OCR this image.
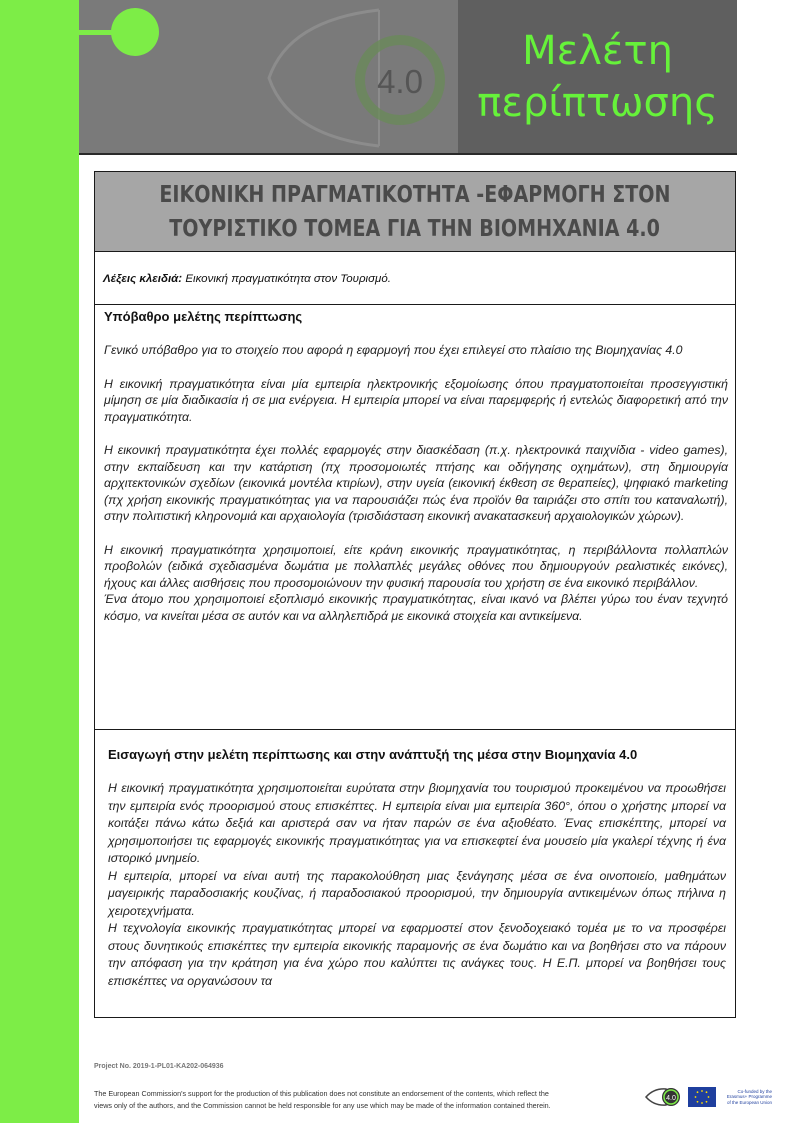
4.0
Μελέτη
περίπτωσης
ΕΙΚΟΝΙΚΗ ΠΡΑΓΜΑΤΙΚΟΤΗΤΑ -ΕΦΑΡΜΟΓΗ ΣΤΟΝ
ΤΟΥΡΙΣΤΙΚΟ ΤΟΜΕΑ ΓΙΑ ΤΗΝ ΒΙΟΜΗΧΑΝΙΑ 4.0

Λέξεις κλειδιά: Εικονική πραγματικότητα στον Τουρισμό.

Υπόβαθρο μελέτης περίπτωσης

Γενικό υπόβαθρο για το στοιχείο που αφορά η εφαρμογή που έχει επιλεγεί στο πλαίσιο της Βιομηχανίας 4.0

Η εικονική πραγματικότητα είναι μία εμπειρία ηλεκτρονικής εξομοίωσης όπου πραγματοποιείται προσεγγιστική μίμηση σε μία διαδικασία ή σε μια ενέργεια. Η εμπειρία μπορεί να είναι παρεμφερής ή εντελώς διαφορετική από την πραγματικότητα.

Η εικονική πραγματικότητα έχει πολλές εφαρμογές στην διασκέδαση (π.χ. ηλεκτρονικά παιχνίδια - video games), στην εκπαίδευση και την κατάρτιση (πχ προσομοιωτές πτήσης και οδήγησης οχημάτων), στη δημιουργία αρχιτεκτονικών σχεδίων (εικονικά μοντέλα κτιρίων), στην υγεία (εικονική έκθεση σε θεραπείες), ψηφιακό marketing (πχ χρήση εικονικής πραγματικότητας για να παρουσιάζει πώς ένα προϊόν θα ταιριάζει στο σπίτι του καταναλωτή), στην πολιτιστική κληρονομιά και αρχαιολογία (τρισδιάσταση εικονική ανακατασκευή αρχαιολογικών χώρων).

Η εικονική πραγματικότητα χρησιμοποιεί, είτε κράνη εικονικής πραγματικότητας, η περιβάλλοντα πολλαπλών προβολών (ειδικά σχεδιασμένα δωμάτια με πολλαπλές μεγάλες οθόνες που δημιουργούν ρεαλιστικές εικόνες), ήχους και άλλες αισθήσεις που προσομοιώνουν την φυσική παρουσία του χρήστη σε ένα εικονικό περιβάλλον.

Ένα άτομο που χρησιμοποιεί εξοπλισμό εικονικής πραγματικότητας, είναι ικανό να βλέπει γύρω του έναν τεχνητό κόσμο, να κινείται μέσα σε αυτόν και να αλληλεπιδρά με εικονικά στοιχεία και αντικείμενα.

Εισαγωγή στην μελέτη περίπτωσης και στην ανάπτυξή της μέσα στην Βιομηχανία 4.0

Η εικονική πραγματικότητα χρησιμοποιείται ευρύτατα στην βιομηχανία του τουρισμού προκειμένου να προωθήσει την εμπειρία ενός προορισμού στους επισκέπτες. Η εμπειρία είναι μια εμπειρία 360°, όπου ο χρήστης μπορεί να κοιτάξει πάνω κάτω δεξιά και αριστερά σαν να ήταν παρών σε ένα αξιοθέατο. Ένας επισκέπτης, μπορεί να χρησιμοποιήσει τις εφαρμογές εικονικής πραγματικότητας για να επισκεφτεί ένα μουσείο μία γκαλερί τέχνης ή ένα ιστορικό μνημείο.

Η εμπειρία, μπορεί να είναι αυτή της παρακολούθηση μιας ξενάγησης μέσα σε ένα οινοποιείο, μαθημάτων μαγειρικής παραδοσιακής κουζίνας, ή παραδοσιακού προορισμού, την δημιουργία αντικειμένων όπως πήλινα η χειροτεχνήματα.

Η τεχνολογία εικονικής πραγματικότητας μπορεί να εφαρμοστεί στον ξενοδοχειακό τομέα με το να προσφέρει στους δυνητικούς επισκέπτες την εμπειρία εικονικής παραμονής σε ένα δωμάτιο και να βοηθήσει στο να πάρουν την απόφαση για την κράτηση για ένα χώρο που καλύπτει τις ανάγκες τους. Η Ε.Π. μπορεί να βοηθήσει τους επισκέπτες να οργανώσουν τα

Project No. 2019-1-PL01-KA202-064936
The European Commission's support for the production of this publication does not constitute an endorsement of the contents, which reflect the views only of the authors, and the Commission cannot be held responsible for any use which may be made of the information contained therein.
4.0
Co-funded by the Erasmus+ Programme of the European Union
